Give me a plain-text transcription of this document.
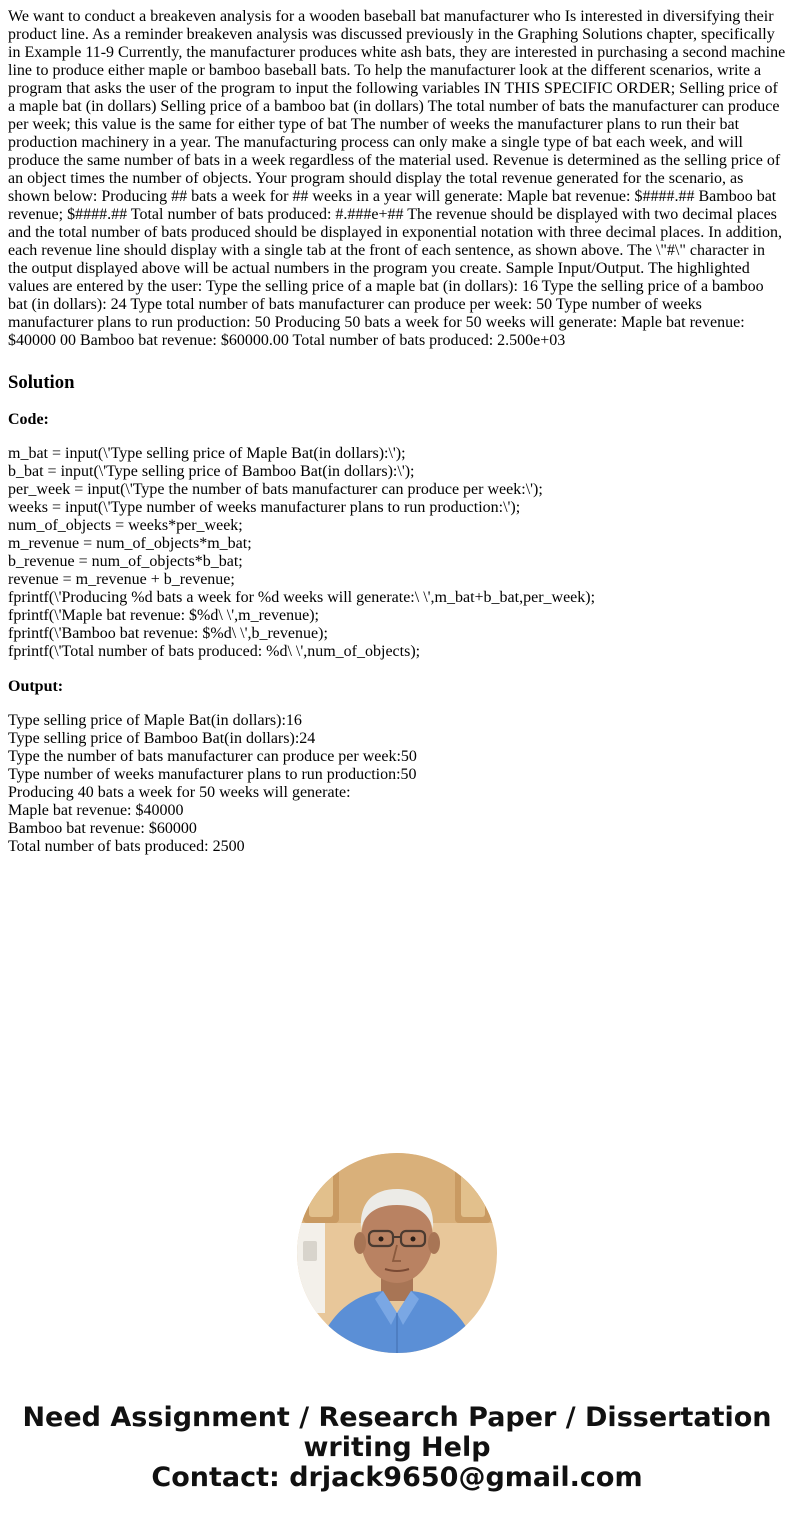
We want to conduct a breakeven analysis for a wooden baseball bat manufacturer who Is interested in diversifying their product line. As a reminder breakeven analysis was discussed previously in the Graphing Solutions chapter, specifically in Example 11-9 Currently, the manufacturer produces white ash bats, they are interested in purchasing a second machine line to produce either maple or bamboo baseball bats. To help the manufacturer look at the different scenarios, write a program that asks the user of the program to input the following variables IN THIS SPECIFIC ORDER; Selling price of a maple bat (in dollars) Selling price of a bamboo bat (in dollars) The total number of bats the manufacturer can produce per week; this value is the same for either type of bat The number of weeks the manufacturer plans to run their bat production machinery in a year. The manufacturing process can only make a single type of bat each week, and will produce the same number of bats in a week regardless of the material used. Revenue is determined as the selling price of an object times the number of objects. Your program should display the total revenue generated for the scenario, as shown below: Producing ## bats a week for ## weeks in a year will generate: Maple bat revenue: $####.## Bamboo bat revenue; $####.## Total number of bats produced: #.###e+## The revenue should be displayed with two decimal places and the total number of bats produced should be displayed in exponential notation with three decimal places. In addition, each revenue line should display with a single tab at the front of each sentence, as shown above. The \"#\" character in the output displayed above will be actual numbers in the program you create. Sample Input/Output. The highlighted values are entered by the user: Type the selling price of a maple bat (in dollars): 16 Type the selling price of a bamboo bat (in dollars): 24 Type total number of bats manufacturer can produce per week: 50 Type number of weeks manufacturer plans to run production: 50 Producing 50 bats a week for 50 weeks will generate: Maple bat revenue: $40000 00 Bamboo bat revenue: $60000.00 Total number of bats produced: 2.500e+03

Solution
Code:
m_bat = input(\'Type selling price of Maple Bat(in dollars):\');
b_bat = input(\'Type selling price of Bamboo Bat(in dollars):\');
per_week = input(\'Type the number of bats manufacturer can produce per week:\');
weeks = input(\'Type number of weeks manufacturer plans to run production:\');
num_of_objects = weeks*per_week;
m_revenue = num_of_objects*m_bat;
b_revenue = num_of_objects*b_bat;
revenue = m_revenue + b_revenue;
fprintf(\'Producing %d bats a week for %d weeks will generate:\ \',m_bat+b_bat,per_week);
fprintf(\'Maple bat revenue: $%d\ \',m_revenue);
fprintf(\'Bamboo bat revenue: $%d\ \',b_revenue);
fprintf(\'Total number of bats produced: %d\ \',num_of_objects);
Output:
Type selling price of Maple Bat(in dollars):16
Type selling price of Bamboo Bat(in dollars):24
Type the number of bats manufacturer can produce per week:50
Type number of weeks manufacturer plans to run production:50
Producing 40 bats a week for 50 weeks will generate:
Maple bat revenue: $40000
Bamboo bat revenue: $60000
Total number of bats produced: 2500
Need Assignment / Research Paper / Dissertation
writing Help
Contact: drjack9650@gmail.com
